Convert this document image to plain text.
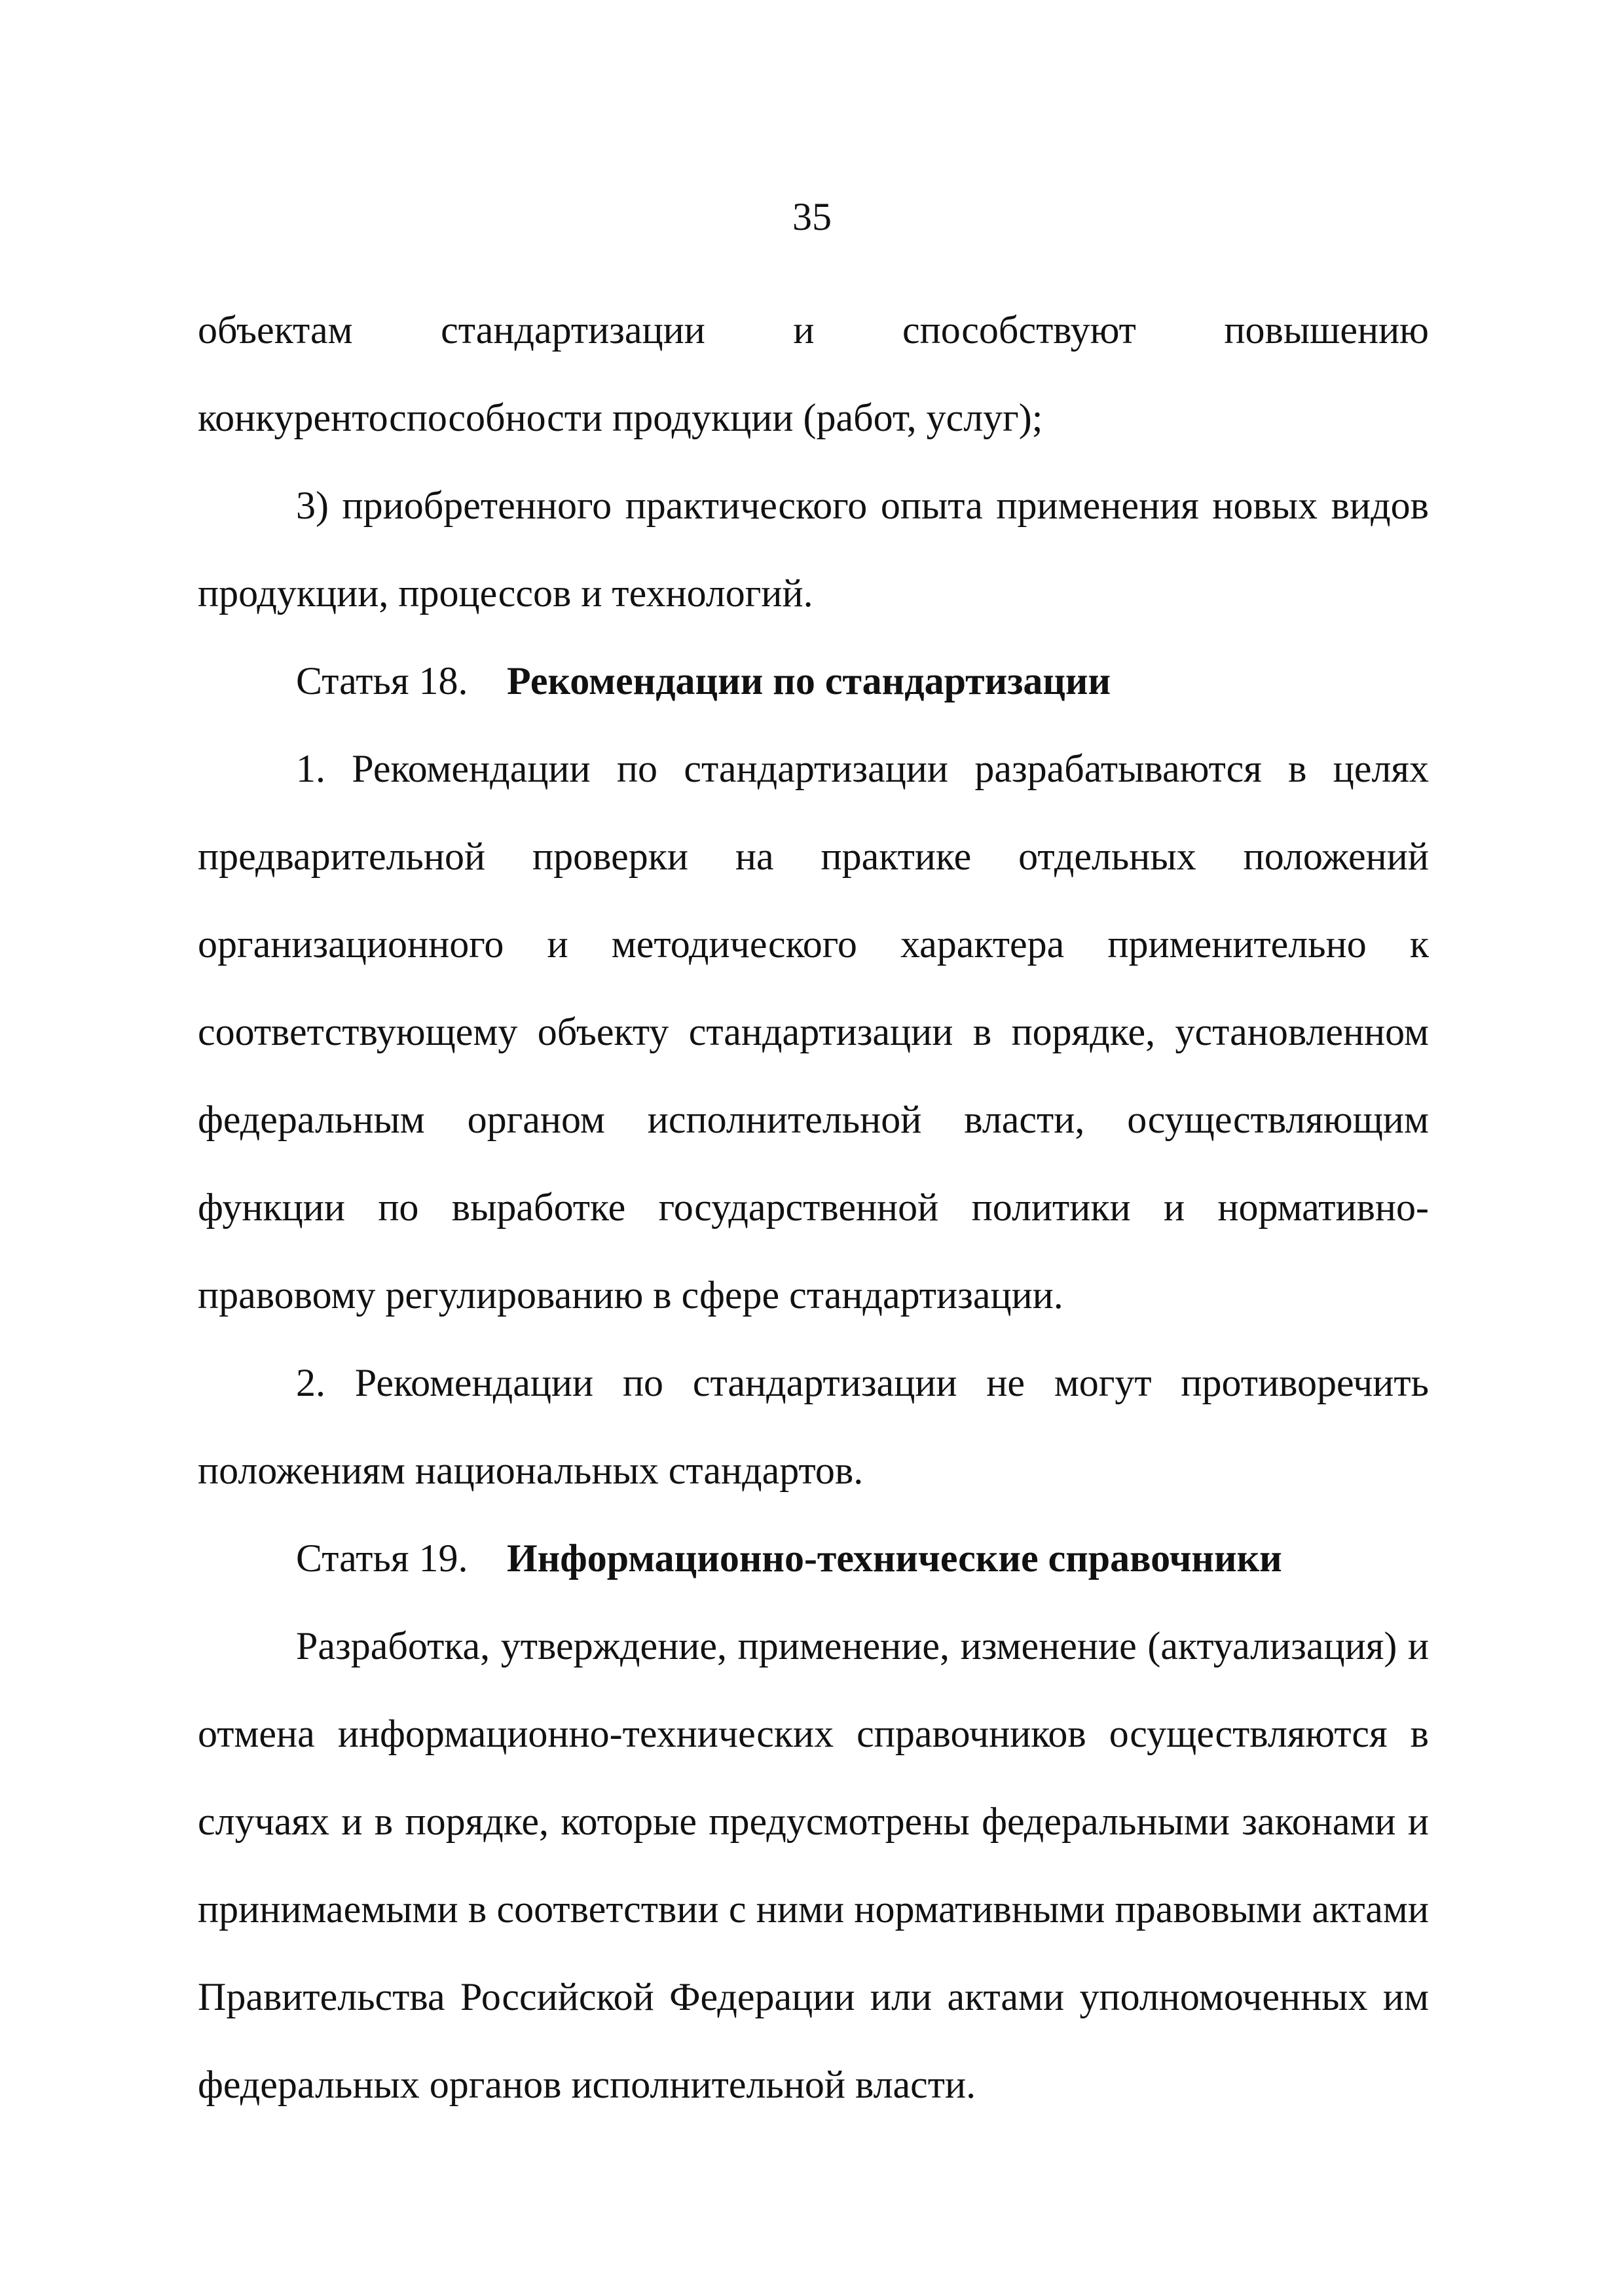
35

объектам стандартизации и способствуют повышению конкурентоспособности продукции (работ, услуг);

3) приобретенного практического опыта применения новых видов продукции, процессов и технологий.

Статья 18. Рекомендации по стандартизации

1. Рекомендации по стандартизации разрабатываются в целях предварительной проверки на практике отдельных положений организационного и методического характера применительно к соответствующему объекту стандартизации в порядке, установленном федеральным органом исполнительной власти, осуществляющим функции по выработке государственной политики и нормативно-правовому регулированию в сфере стандартизации.

2. Рекомендации по стандартизации не могут противоречить положениям национальных стандартов.

Статья 19. Информационно-технические справочники

Разработка, утверждение, применение, изменение (актуализация) и отмена информационно-технических справочников осуществляются в случаях и в порядке, которые предусмотрены федеральными законами и принимаемыми в соответствии с ними нормативными правовыми актами Правительства Российской Федерации или актами уполномоченных им федеральных органов исполнительной власти.
